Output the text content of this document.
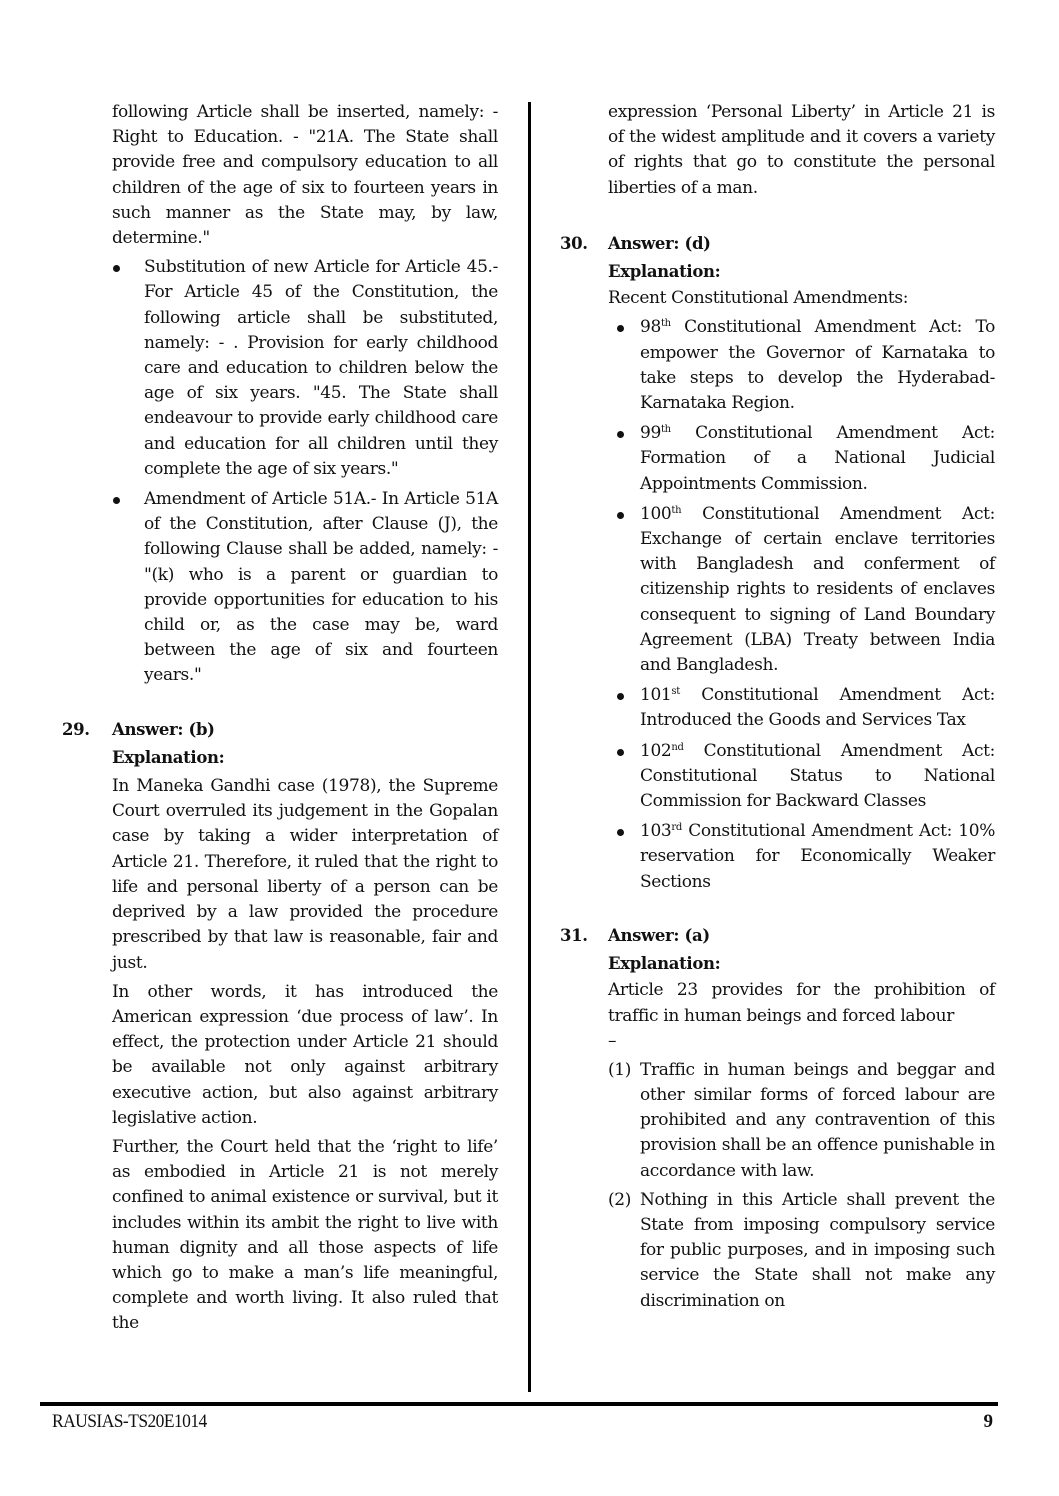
following Article shall be inserted, namely: - Right to Education. - "21A. The State shall provide free and compulsory education to all children of the age of six to fourteen years in such manner as the State may, by law, determine."

Substitution of new Article for Article 45.- For Article 45 of the Constitution, the following article shall be substituted, namely: - . Provision for early childhood care and education to children below the age of six years. "45. The State shall endeavour to provide early childhood care and education for all children until they complete the age of six years."
Amendment of Article 51A.- In Article 51A of the Constitution, after Clause (J), the following Clause shall be added, namely: - "(k) who is a parent or guardian to provide opportunities for education to his child or, as the case may be, ward between the age of six and fourteen years."
29. Answer: (b)
Explanation:

In Maneka Gandhi case (1978), the Supreme Court overruled its judgement in the Gopalan case by taking a wider interpretation of Article 21. Therefore, it ruled that the right to life and personal liberty of a person can be deprived by a law provided the procedure prescribed by that law is reasonable, fair and just.

In other words, it has introduced the American expression ‘due process of law’. In effect, the protection under Article 21 should be available not only against arbitrary executive action, but also against arbitrary legislative action.

Further, the Court held that the ‘right to life’ as embodied in Article 21 is not merely confined to animal existence or survival, but it includes within its ambit the right to live with human dignity and all those aspects of life which go to make a man’s life meaningful, complete and worth living. It also ruled that the

expression ‘Personal Liberty’ in Article 21 is of the widest amplitude and it covers a variety of rights that go to constitute the personal liberties of a man.

30. Answer: (d)
Explanation:

Recent Constitutional Amendments:

98th Constitutional Amendment Act: To empower the Governor of Karnataka to take steps to develop the Hyderabad-Karnataka Region.
99th Constitutional Amendment Act: Formation of a National Judicial Appointments Commission.
100th Constitutional Amendment Act: Exchange of certain enclave territories with Bangladesh and conferment of citizenship rights to residents of enclaves consequent to signing of Land Boundary Agreement (LBA) Treaty between India and Bangladesh.
101st Constitutional Amendment Act: Introduced the Goods and Services Tax
102nd Constitutional Amendment Act: Constitutional Status to National Commission for Backward Classes
103rd Constitutional Amendment Act: 10% reservation for Economically Weaker Sections
31. Answer: (a)
Explanation:

Article 23 provides for the prohibition of traffic in human beings and forced labour

–
(1) Traffic in human beings and beggar and other similar forms of forced labour are prohibited and any contravention of this provision shall be an offence punishable in accordance with law.
(2) Nothing in this Article shall prevent the State from imposing compulsory service for public purposes, and in imposing such service the State shall not make any discrimination on
RAUSIAS-TS20E1014	9
